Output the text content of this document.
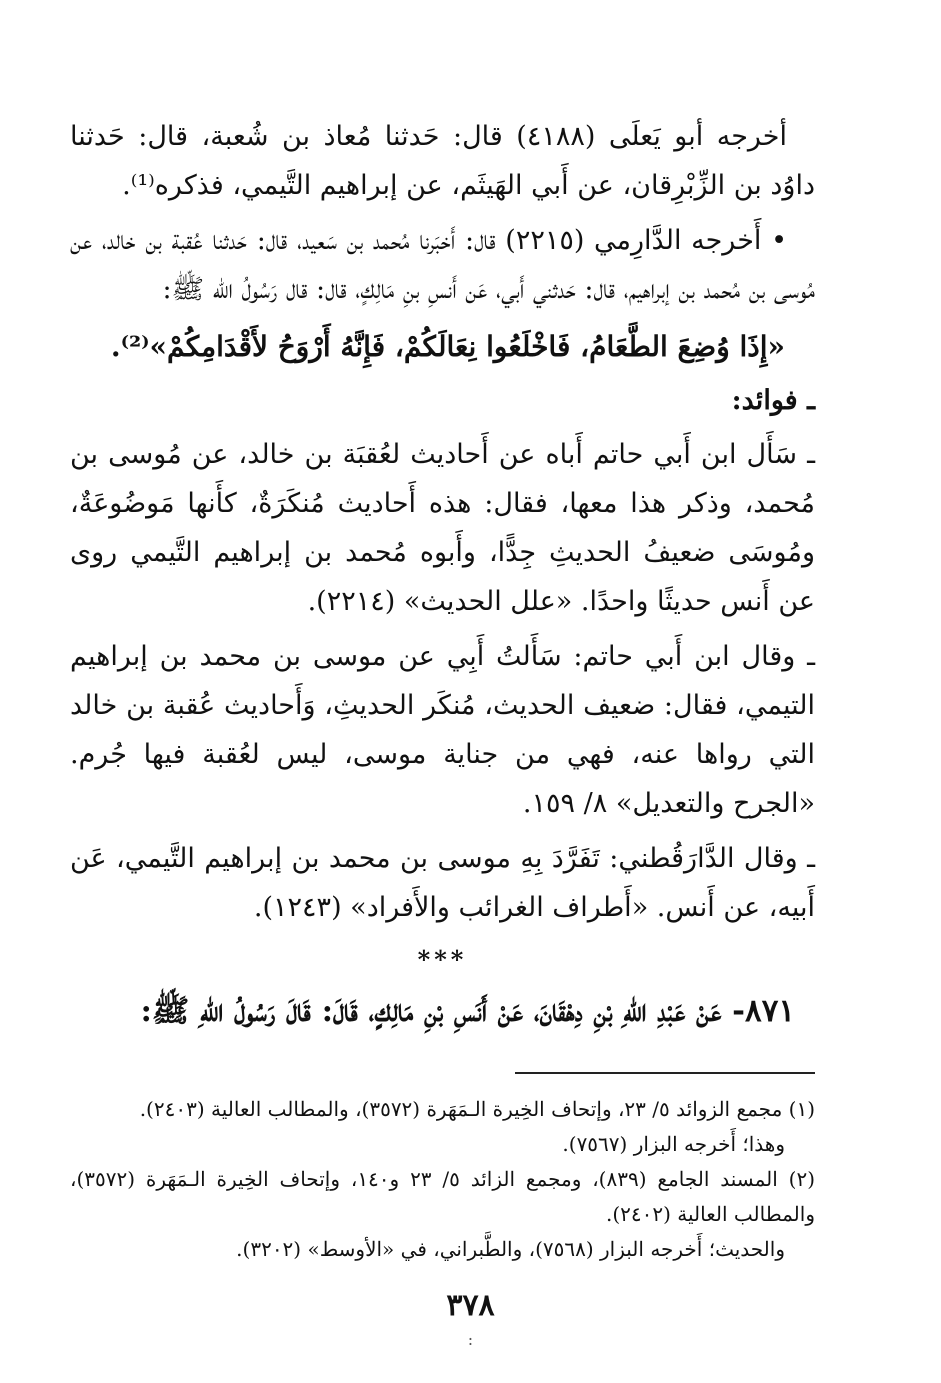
أخرجه أبو يَعلَى (٤١٨٨) قال: حَدثنا مُعاذ بن شُعبة، قال: حَدثنا داوُد بن الزِّبْرِقان، عن أَبي الهَيثَم، عن إبراهيم التَّيمي، فذكره⁽¹⁾.

• أَخرجه الدَّارِمي (٢٢١٥) قال: أَخبَرنا مُحمد بن سَعيد، قال: حَدثنا عُقبة بن خالد، عن مُوسى بن مُحمد بن إبراهيم، قال: حَدثني أَبي، عَن أَنسِ بنِ مَالِكٍ، قال: قال رَسُولُ الله ﷺ:

«إِذَا وُضِعَ الطَّعَامُ، فَاخْلَعُوا نِعَالَكُمْ، فَإِنَّهُ أَرْوَحُ لأَقْدَامِكُمْ»⁽²⁾.

ـ فوائد:

ـ سَأَل ابن أَبي حاتم أَباه عن أَحاديث لعُقبَة بن خالد، عن مُوسى بن مُحمد، وذكر هذا معها، فقال: هذه أَحاديث مُنكَرَةٌ، كأَنها مَوضُوعَةٌ، ومُوسَى ضعيفُ الحديثِ جِدًّا، وأَبوه مُحمد بن إبراهيم التَّيمي روى عن أَنس حديثًا واحدًا. «علل الحديث» (٢٢١٤).

ـ وقال ابن أَبي حاتم: سَأَلتُ أَبِي عن موسى بن محمد بن إبراهيم التيمي، فقال: ضعيف الحديث، مُنكَر الحديثِ، وَأَحاديث عُقبة بن خالد التي رواها عنه، فهي من جناية موسى، ليس لعُقبة فيها جُرم. «الجرح والتعديل» ٨/ ١٥٩.

ـ وقال الدَّارَقُطني: تَفَرَّدَ بِهِ موسى بن محمد بن إبراهيم التَّيمي، عَن أَبيه، عن أَنس. «أَطراف الغرائب والأَفراد» (١٢٤٣).

***

٨٧١- عَنْ عَبْدِ اللهِ بْنِ دِهْقَانَ، عَنْ أَنَسِ بْنِ مَالِكٍ، قَالَ: قَالَ رَسُولُ اللهِ ﷺ:

(١) مجمع الزوائد ٥/ ٢٣، وإتحاف الخِيرة الـمَهَرة (٣٥٧٢)، والمطالب العالية (٢٤٠٣).

وهذا؛ أَخرجه البزار (٧٥٦٧).

(٢) المسند الجامع (٨٣٩)، ومجمع الزائد ٥/ ٢٣ و١٤٠، وإتحاف الخِيرة الـمَهَرة (٣٥٧٢)، والمطالب العالية (٢٤٠٢).

والحديث؛ أَخرجه البزار (٧٥٦٨)، والطَّبراني، في «الأوسط» (٣٢٠٢).

٣٧٨
:
